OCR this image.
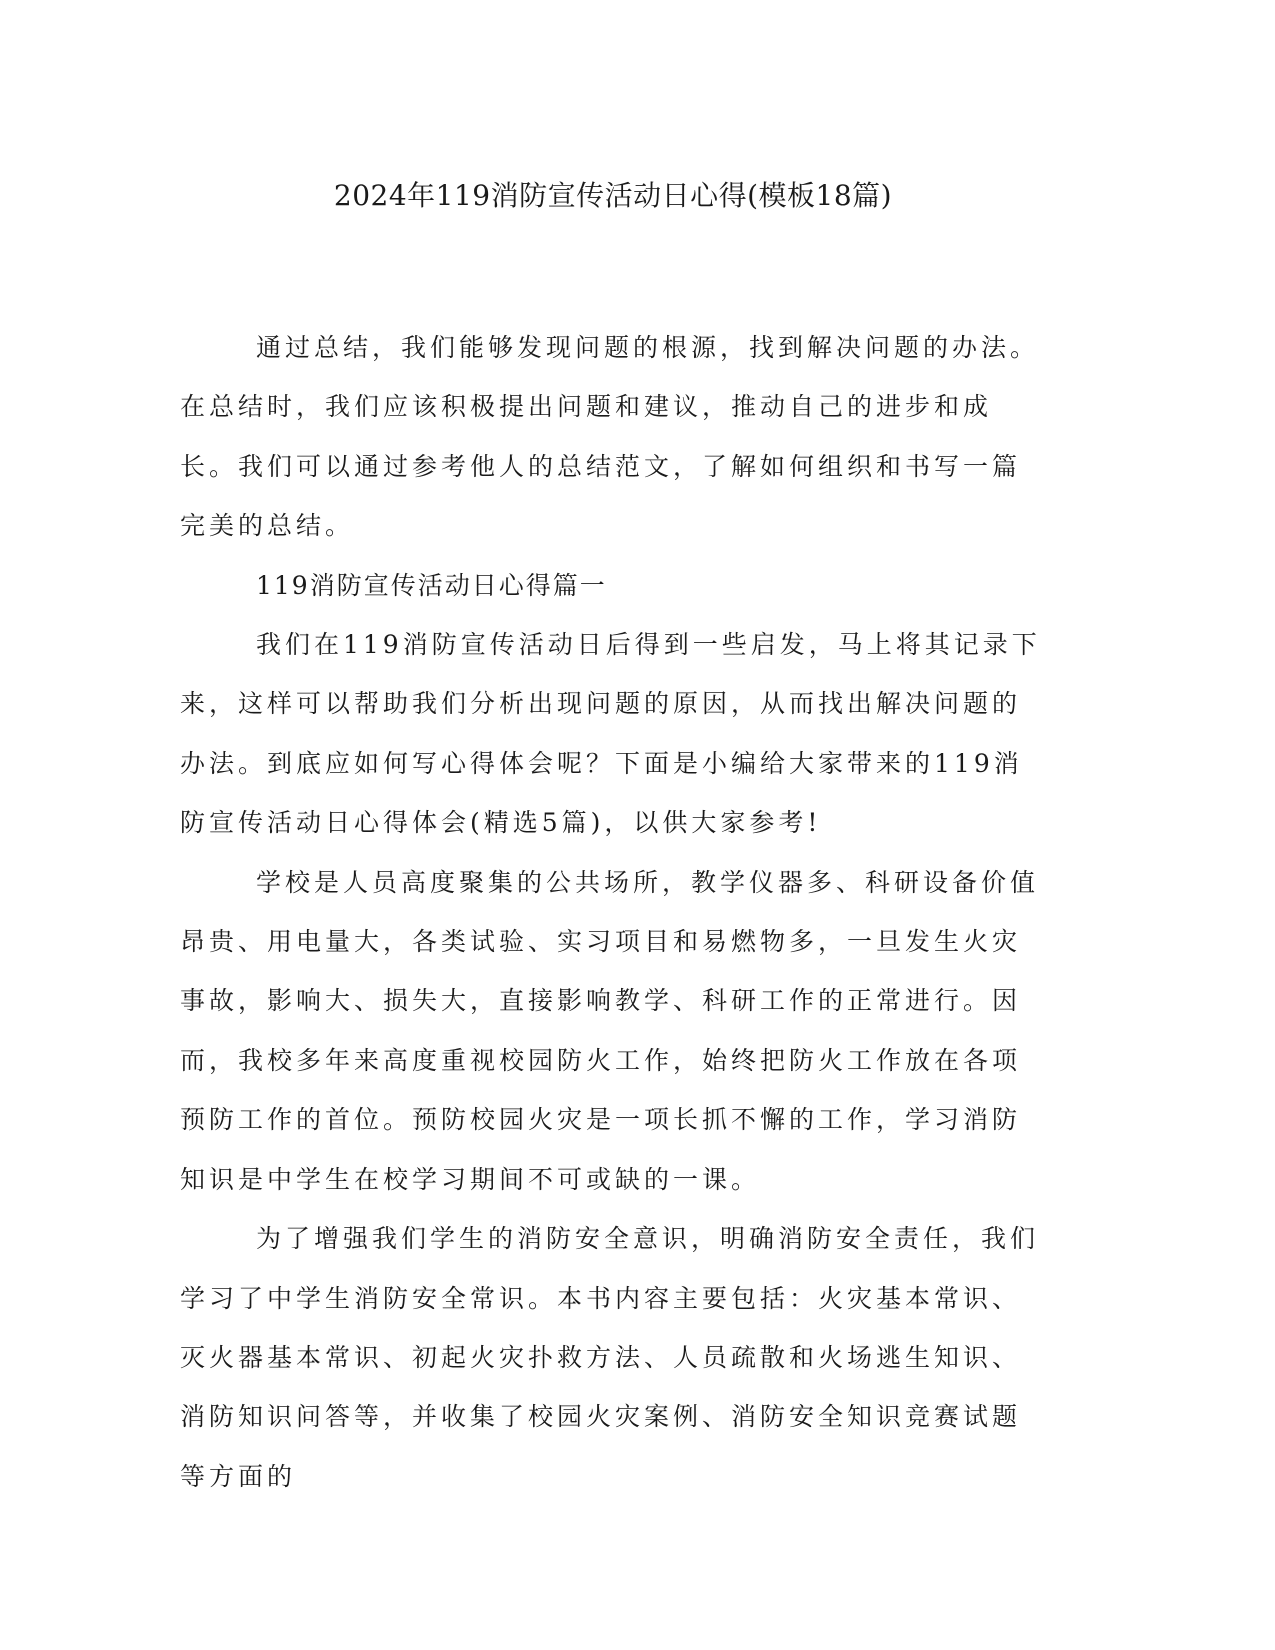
2024年119消防宣传活动日心得(模板18篇)

通过总结，我们能够发现问题的根源，找到解决问题的办法。在总结时，我们应该积极提出问题和建议，推动自己的进步和成长。我们可以通过参考他人的总结范文，了解如何组织和书写一篇完美的总结。

119消防宣传活动日心得篇一

我们在119消防宣传活动日后得到一些启发，马上将其记录下来，这样可以帮助我们分析出现问题的原因，从而找出解决问题的办法。到底应如何写心得体会呢？下面是小编给大家带来的119消防宣传活动日心得体会(精选5篇)，以供大家参考!

学校是人员高度聚集的公共场所，教学仪器多、科研设备价值昂贵、用电量大，各类试验、实习项目和易燃物多，一旦发生火灾事故，影响大、损失大，直接影响教学、科研工作的正常进行。因而，我校多年来高度重视校园防火工作，始终把防火工作放在各项预防工作的首位。预防校园火灾是一项长抓不懈的工作，学习消防知识是中学生在校学习期间不可或缺的一课。

为了增强我们学生的消防安全意识，明确消防安全责任，我们学习了中学生消防安全常识。本书内容主要包括：火灾基本常识、灭火器基本常识、初起火灾扑救方法、人员疏散和火场逃生知识、消防知识问答等，并收集了校园火灾案例、消防安全知识竞赛试题等方面的
